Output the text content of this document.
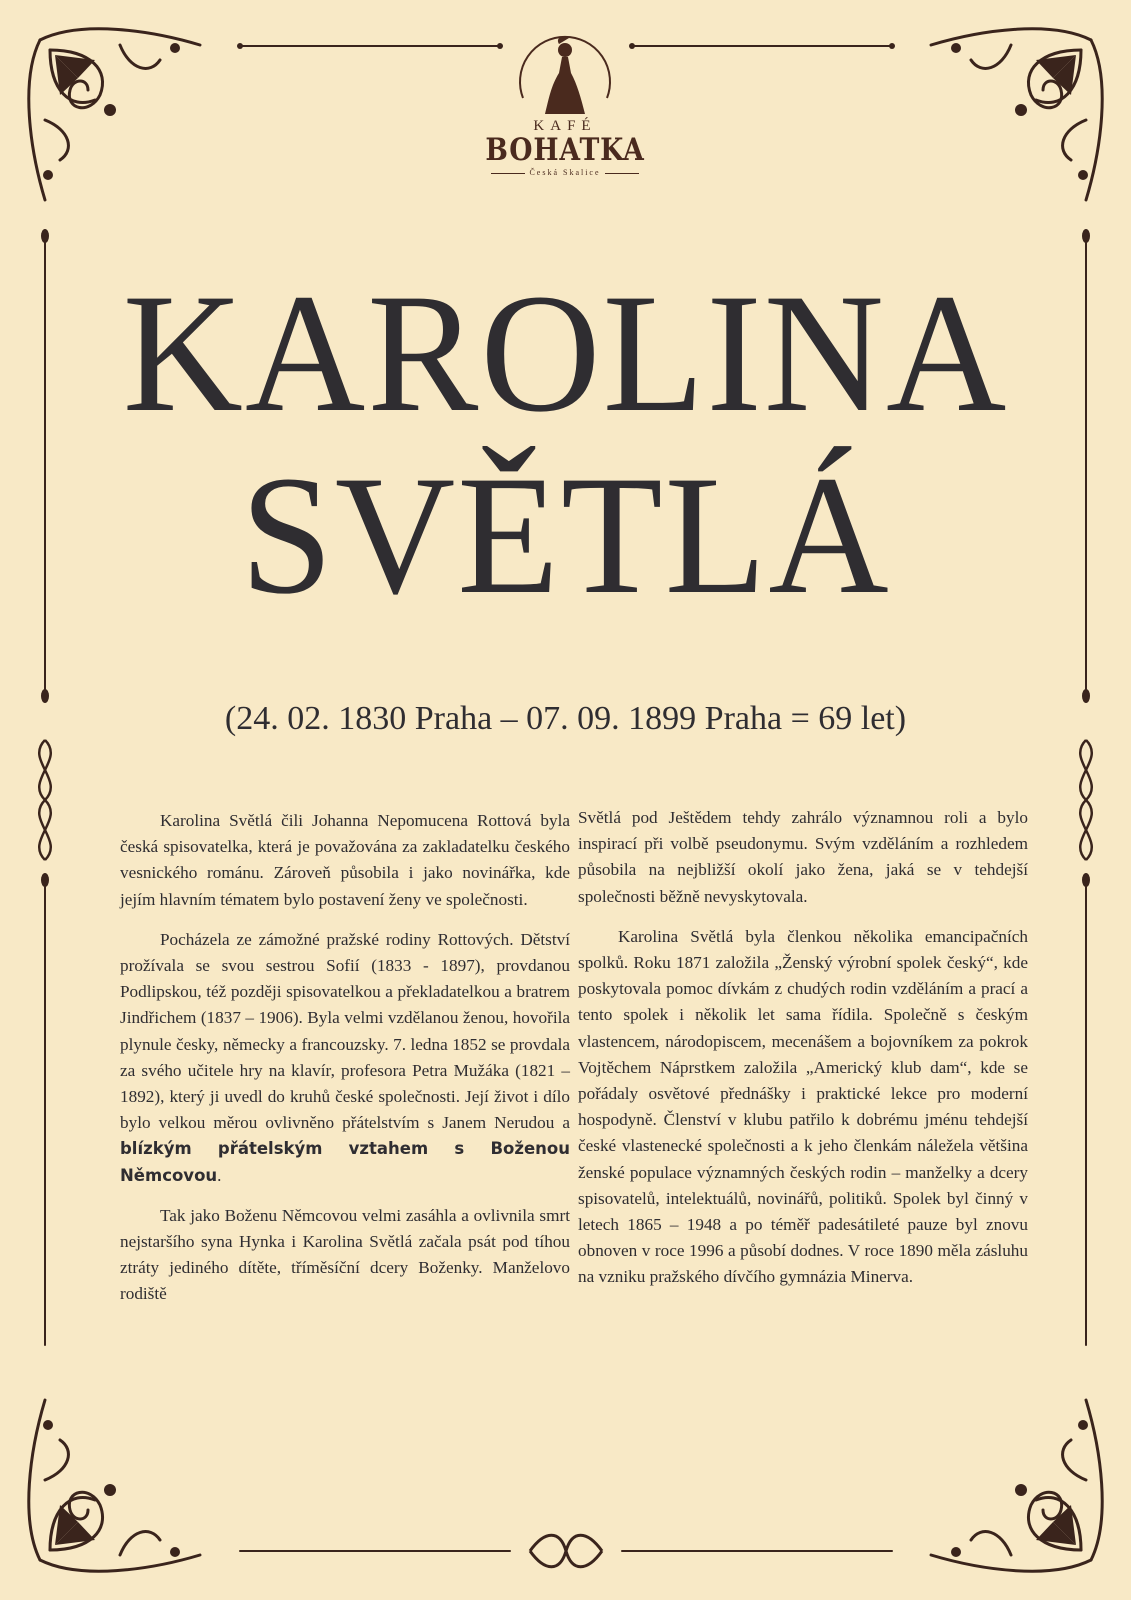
KAFÉ
BOHATKA
Česká Skalice
KAROLINA
SVĚTLÁ
(24. 02. 1830 Praha – 07. 09. 1899 Praha = 69 let)

Karolina Světlá čili Johanna Nepomucena Rottová byla česká spisovatelka, která je považována za zakladatelku českého vesnického románu. Zároveň působila i jako novinářka, kde jejím hlavním tématem bylo postavení ženy ve společnosti.

Pocházela ze zámožné pražské rodiny Rottových. Dětství prožívala se svou sestrou Sofií (1833 - 1897), provdanou Podlipskou, též později spisovatelkou a překladatelkou a bratrem Jindřichem (1837 – 1906). Byla velmi vzdělanou ženou, hovořila plynule česky, německy a francouzsky. 7. ledna 1852 se provdala za svého učitele hry na klavír, profesora Petra Mužáka (1821 – 1892), který ji uvedl do kruhů české společnosti. Její život i dílo bylo velkou měrou ovlivněno přátelstvím s Janem Nerudou a blízkým přátelským vztahem s Boženou Němcovou.

Tak jako Boženu Němcovou velmi zasáhla a ovlivnila smrt nejstaršího syna Hynka i Karolina Světlá začala psát pod tíhou ztráty jediného dítěte, tříměsíční dcery Boženky. Manželovo rodiště

Světlá pod Ještědem tehdy zahrálo významnou roli a bylo inspirací při volbě pseudonymu. Svým vzděláním a rozhledem působila na nejbližší okolí jako žena, jaká se v tehdejší společnosti běžně nevyskytovala.

Karolina Světlá byla členkou několika emancipačních spolků. Roku 1871 založila „Ženský výrobní spolek český“, kde poskytovala pomoc dívkám z chudých rodin vzděláním a prací a tento spolek i několik let sama řídila. Společně s českým vlastencem, národopiscem, mecenášem a bojovníkem za pokrok Vojtěchem Náprstkem založila „Americký klub dam“, kde se pořádaly osvětové přednášky i praktické lekce pro moderní hospodyně. Členství v klubu patřilo k dobrému jménu tehdejší české vlastenecké společnosti a k jeho členkám náležela většina ženské populace významných českých rodin – manželky a dcery spisovatelů, intelektuálů, novinářů, politiků. Spolek byl činný v letech 1865 – 1948 a po téměř padesátileté pauze byl znovu obnoven v roce 1996 a působí dodnes. V roce 1890 měla zásluhu na vzniku pražského dívčího gymnázia Minerva.
